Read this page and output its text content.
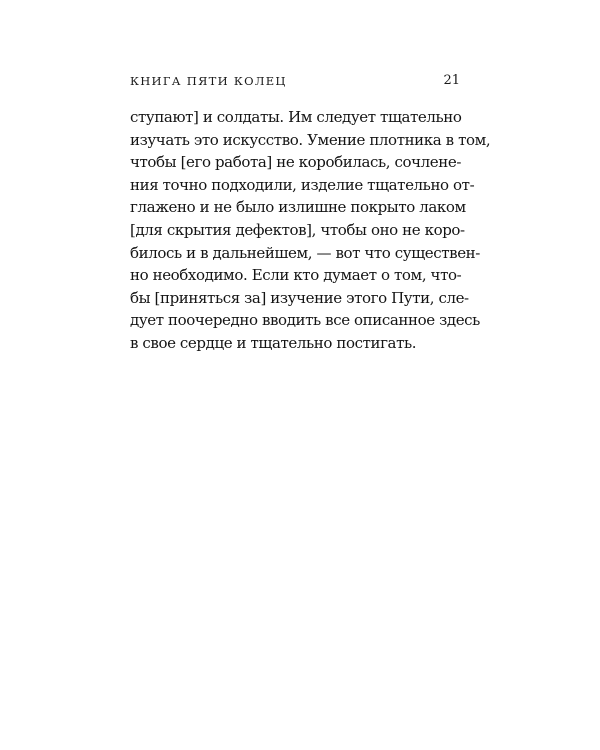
КНИГА ПЯТИ КОЛЕЦ	21
ступают] и солдаты. Им следует тщательно
изучать это искусство. Умение плотника в том,
чтобы [его работа] не коробилась, сочлене-
ния точно подходили, изделие тщательно от-
глажено и не было излишне покрыто лаком
[для скрытия дефектов], чтобы оно не коро-
билось и в дальнейшем, — вот что существен-
но необходимо. Если кто думает о том, что-
бы [приняться за] изучение этого Пути, сле-
дует поочередно вводить все описанное здесь
в свое сердце и тщательно постигать.
